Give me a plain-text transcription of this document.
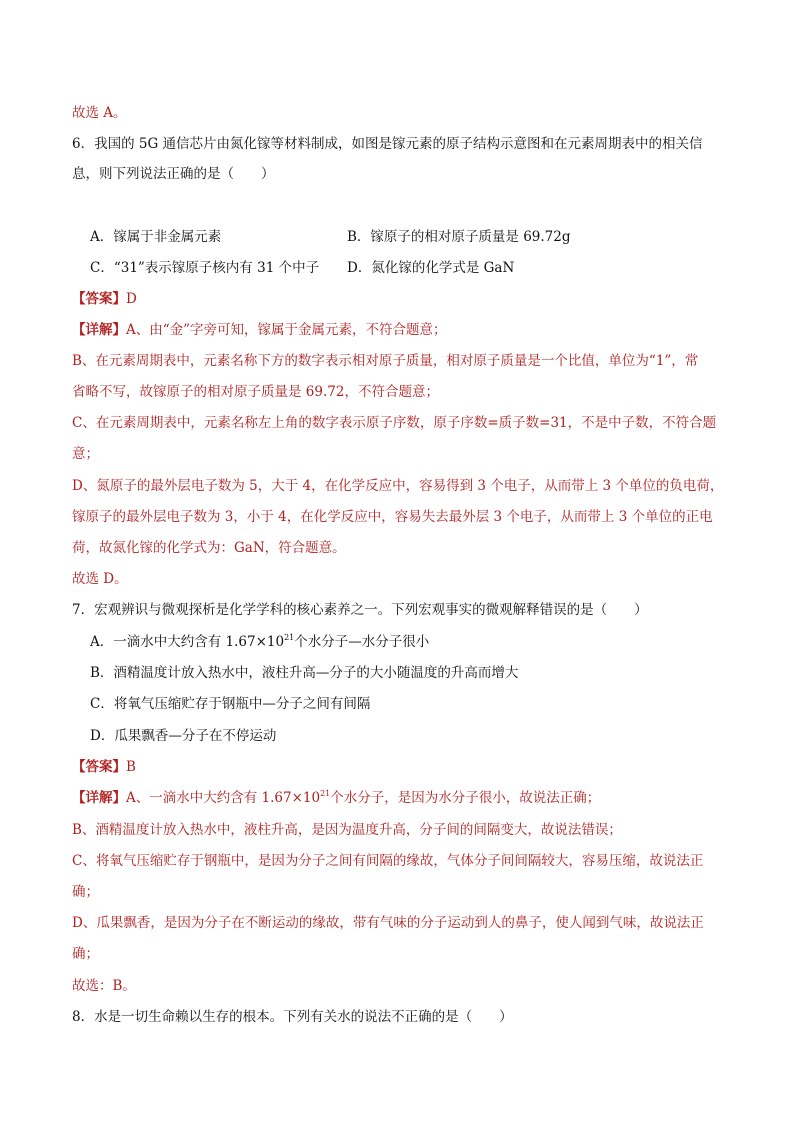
故选 A。
6．我国的 5G 通信芯片由氮化镓等材料制成，如图是镓元素的原子结构示意图和在元素周期表中的相关信
息，则下列说法正确的是（　　）
A．镓属于非金属元素	B．镓原子的相对原子质量是 69.72g
C．“31”表示镓原子核内有 31 个中子 D．氮化镓的化学式是 GaN
【答案】D
【详解】A、由“金”字旁可知，镓属于金属元素，不符合题意；
B、在元素周期表中，元素名称下方的数字表示相对原子质量，相对原子质量是一个比值，单位为“1”，常
省略不写，故镓原子的相对原子质量是 69.72，不符合题意；
C、在元素周期表中，元素名称左上角的数字表示原子序数，原子序数=质子数=31，不是中子数，不符合题
意；
D、氮原子的最外层电子数为 5，大于 4，在化学反应中，容易得到 3 个电子，从而带上 3 个单位的负电荷，
镓原子的最外层电子数为 3，小于 4，在化学反应中，容易失去最外层 3 个电子，从而带上 3 个单位的正电
荷，故氮化镓的化学式为：GaN，符合题意。
故选 D。
7．宏观辨识与微观探析是化学学科的核心素养之一。下列宏观事实的微观解释错误的是（　　）
A．一滴水中大约含有 $1.67\times 10^{21}$个水分子—水分子很小
B．酒精温度计放入热水中，液柱升高—分子的大小随温度的升高而增大
C．将氧气压缩贮存于钢瓶中—分子之间有间隔
D．瓜果飘香—分子在不停运动
【答案】B
【详解】A、一滴水中大约含有 $1.67\times 10^{21}$个水分子，是因为水分子很小，故说法正确；
B、酒精温度计放入热水中，液柱升高，是因为温度升高，分子间的间隔变大，故说法错误；
C、将氧气压缩贮存于钢瓶中，是因为分子之间有间隔的缘故，气体分子间间隔较大，容易压缩，故说法正
确；
D、瓜果飘香，是因为分子在不断运动的缘故，带有气味的分子运动到人的鼻子，使人闻到气味，故说法正
确；
故选：B。
8．水是一切生命赖以生存的根本。下列有关水的说法不正确的是（　　）
